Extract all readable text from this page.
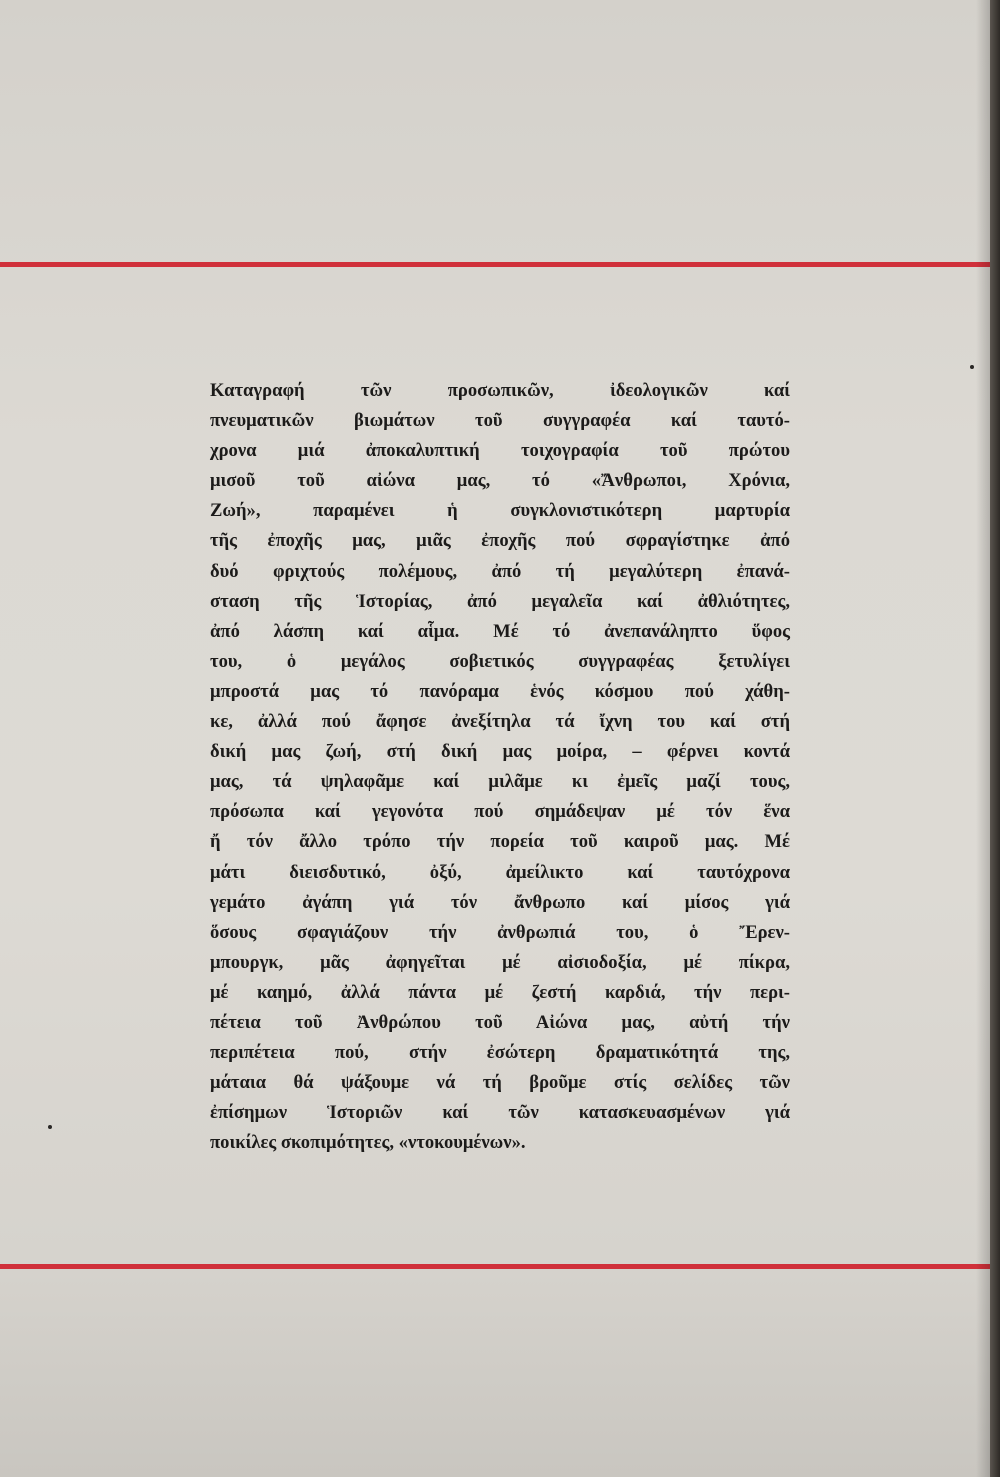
Καταγραφή τῶν προσωπικῶν, ἰδεολογικῶν καί
πνευματικῶν βιωμάτων τοῦ συγγραφέα καί ταυτό-
χρονα μιά ἀποκαλυπτική τοιχογραφία τοῦ πρώτου
μισοῦ τοῦ αἰώνα μας, τό «Ἄνθρωποι, Χρόνια,
Ζωή», παραμένει ἡ συγκλονιστικότερη μαρτυρία
τῆς ἐποχῆς μας, μιᾶς ἐποχῆς πού σφραγίστηκε ἀπό
δυό φριχτούς πολέμους, ἀπό τή μεγαλύτερη ἐπανά-
σταση τῆς Ἱστορίας, ἀπό μεγαλεῖα καί ἀθλιότητες,
ἀπό λάσπη καί αἷμα. Μέ τό ἀνεπανάληπτο ὕφος
του, ὁ μεγάλος σοβιετικός συγγραφέας ξετυλίγει
μπροστά μας τό πανόραμα ἑνός κόσμου πού χάθη-
κε, ἀλλά πού ἄφησε ἀνεξίτηλα τά ἴχνη του καί στή
δική μας ζωή, στή δική μας μοίρα, – φέρνει κοντά
μας, τά ψηλαφᾶμε καί μιλᾶμε κι ἐμεῖς μαζί τους,
πρόσωπα καί γεγονότα πού σημάδεψαν μέ τόν ἕνα
ἤ τόν ἄλλο τρόπο τήν πορεία τοῦ καιροῦ μας. Μέ
μάτι διεισδυτικό, ὀξύ, ἀμείλικτο καί ταυτόχρονα
γεμάτο ἀγάπη γιά τόν ἄνθρωπο καί μίσος γιά
ὅσους σφαγιάζουν τήν ἀνθρωπιά του, ὁ Ἔρεν-
μπουργκ, μᾶς ἀφηγεῖται μέ αἰσιοδοξία, μέ πίκρα,
μέ καημό, ἀλλά πάντα μέ ζεστή καρδιά, τήν περι-
πέτεια τοῦ Ἀνθρώπου τοῦ Αἰώνα μας, αὐτή τήν
περιπέτεια πού, στήν ἐσώτερη δραματικότητά της,
μάταια θά ψάξουμε νά τή βροῦμε στίς σελίδες τῶν
ἐπίσημων Ἱστοριῶν καί τῶν κατασκευασμένων γιά
ποικίλες σκοπιμότητες, «ντοκουμένων».
